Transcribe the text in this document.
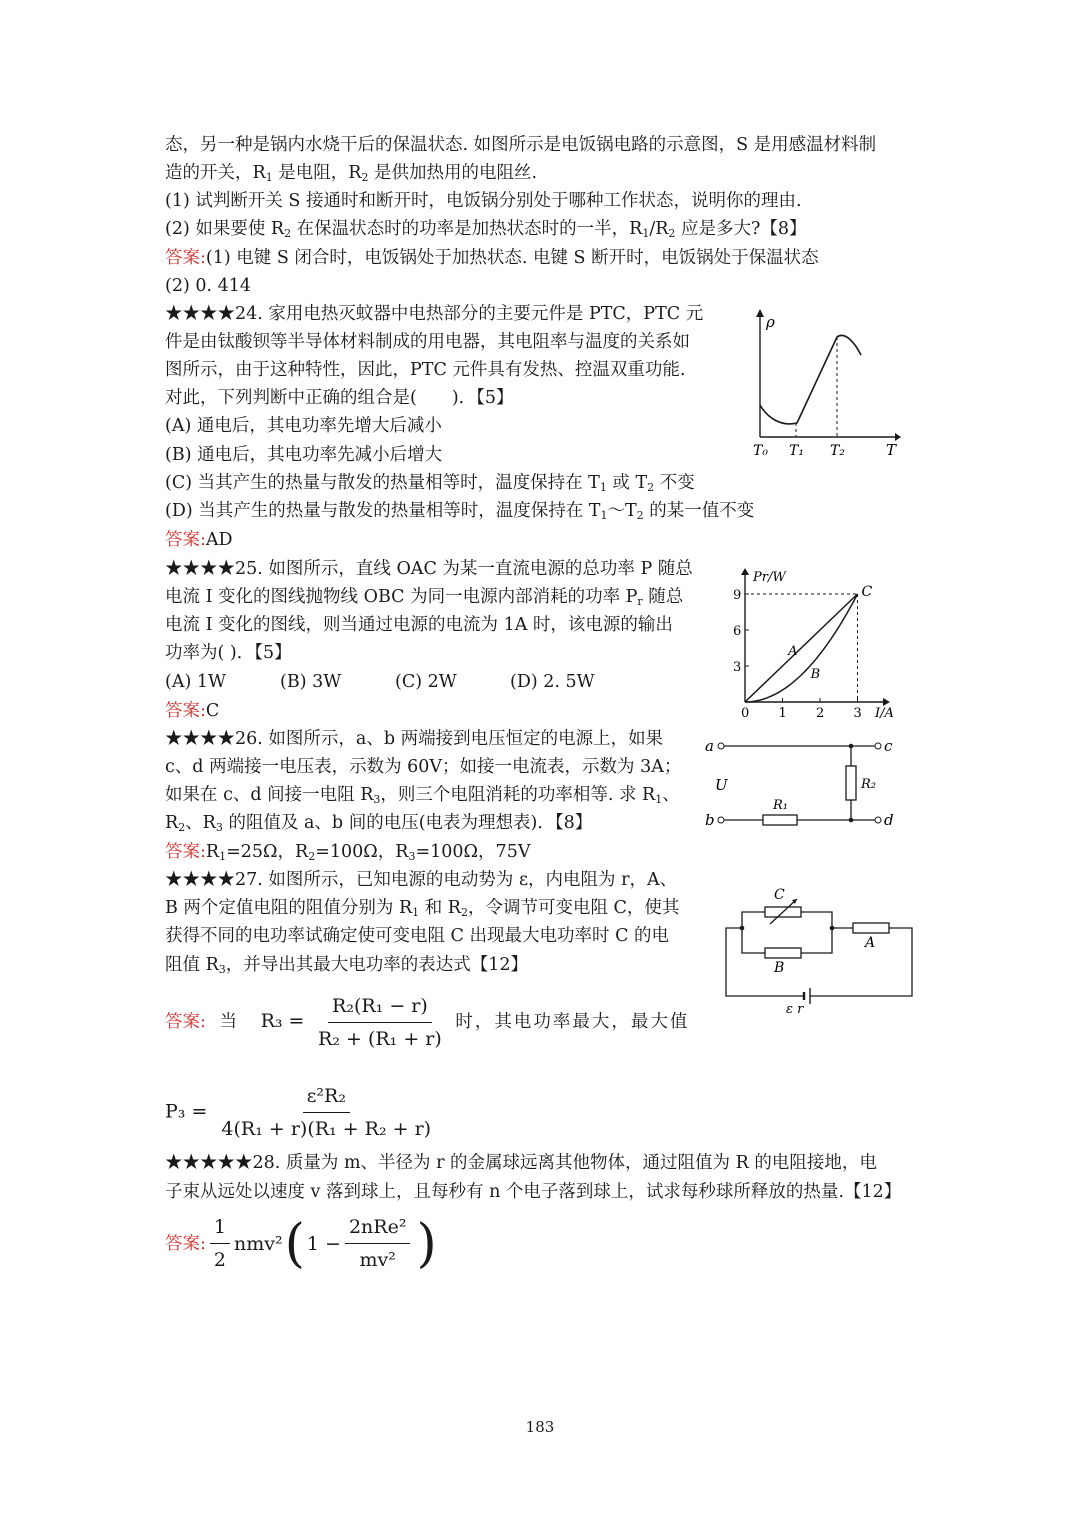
态，另一种是锅内水烧干后的保温状态. 如图所示是电饭锅电路的示意图，S 是用感温材料制
造的开关，$R_1$ 是电阻，$R_2$ 是供加热用的电阻丝.
(1) 试判断开关 S 接通时和断开时，电饭锅分别处于哪种工作状态，说明你的理由.
(2) 如果要使 $R_2$ 在保温状态时的功率是加热状态时的一半，$R_1/R_2$ 应是多大?【8】
答案:(1) 电键 S 闭合时，电饭锅处于加热状态. 电键 S 断开时，电饭锅处于保温状态
(2) 0. 414
★★★★24. 家用电热灭蚊器中电热部分的主要元件是 PTC，PTC 元
件是由钛酸钡等半导体材料制成的用电器，其电阻率与温度的关系如
图所示，由于这种特性，因此，PTC 元件具有发热、控温双重功能.
对此，下列判断中正确的组合是(　　)．【5】
(A) 通电后，其电功率先增大后减小
(B) 通电后，其电功率先减小后增大
(C) 当其产生的热量与散发的热量相等时，温度保持在 $T_1$ 或 $T_2$ 不变
(D) 当其产生的热量与散发的热量相等时，温度保持在 $T_1\sim T_2$ 的某一值不变
答案:AD
ρ
T
T₀ T₁ T₂
★★★★25. 如图所示，直线 OAC 为某一直流电源的总功率 P 随总
电流 I 变化的图线抛物线 OBC 为同一电源内部消耗的功率 $P_r$ 随总
电流 I 变化的图线，则当通过电源的电流为 1A 时，该电源的输出
功率为( )．【5】
(A) 1W	(B) 3W	(C) 2W	(D) 2. 5W
答案:C
Pr/W
I/A
0 1 2 3
3
6
9
A
B
C
★★★★26. 如图所示，a、b 两端接到电压恒定的电源上，如果
c、d 两端接一电压表，示数为 60V；如接一电流表，示数为 3A；
如果在 c、d 间接一电阻 $R_3$，则三个电阻消耗的功率相等. 求 $R_1$、
$R_2$、$R_3$ 的阻值及 a、b 间的电压(电表为理想表)．【8】
答案$:R_1=25\Omega$，$R_2=100\Omega$，$R_3=100\Omega$，75V
a
b
c
d
U
R₁
R₂
★★★★27. 如图所示，已知电源的电动势为 ε，内电阻为 r，A、
B 两个定值电阻的阻值分别为 $R_1$ 和 $R_2$，令调节可变电阻 C，使其
获得不同的电功率试确定使可变电阻 C 出现最大电功率时 C 的电
阻值 $R_3$，并导出其最大电功率的表达式【12】
答案: 当 $R_3 = \frac{\text{R₂(R₁ − r)}}{\text{R₂ + (R₁ + r)}}$ 时，其电功率最大，最大值
$P_3 = \frac{\text{ε²R₂}}{\text{4(R₁ + r)(R₁ + R₂ + r)}}$
C
B
A
ε r
★★★★★28. 质量为 m、半径为 r 的金属球远离其他物体，通过阻值为 R 的电阻接地，电
子束从远处以速度 v 落到球上，且每秒有 n 个电子落到球上，试求每秒球所释放的热量.【12】
答案: $\frac{1}{2} nmv^2$ ( $1 - \frac{\text{2nRe²}}{\text{mv²}}$ )
183
